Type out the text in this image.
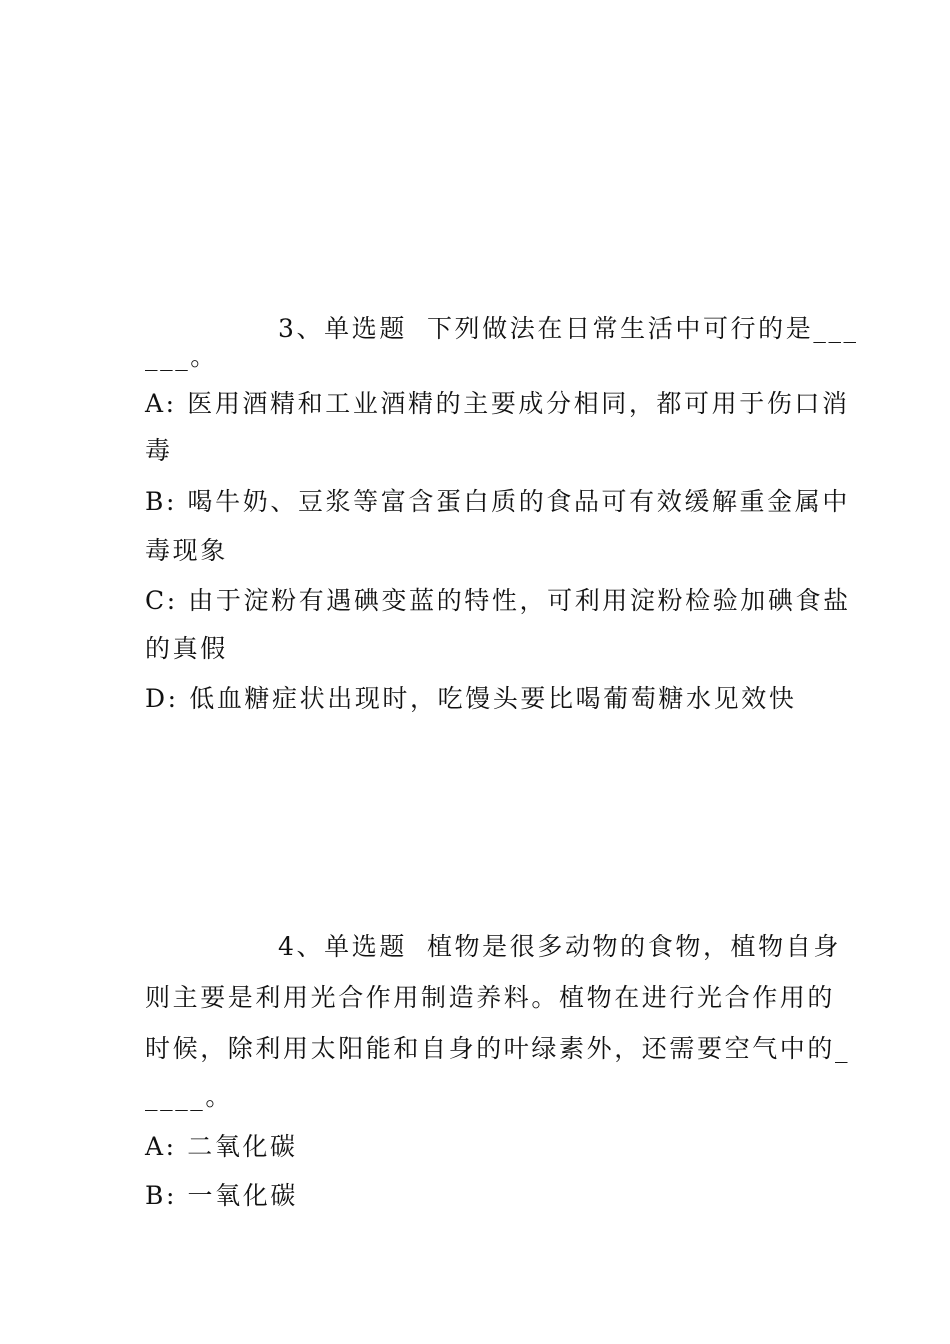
3、单选题 下列做法在日常生活中可行的是___
___。
A: 医用酒精和工业酒精的主要成分相同，都可用于伤口消
毒
B: 喝牛奶、豆浆等富含蛋白质的食品可有效缓解重金属中
毒现象
C: 由于淀粉有遇碘变蓝的特性，可利用淀粉检验加碘食盐
的真假
D: 低血糖症状出现时，吃馒头要比喝葡萄糖水见效快
4、单选题 植物是很多动物的食物，植物自身
则主要是利用光合作用制造养料。植物在进行光合作用的
时候，除利用太阳能和自身的叶绿素外，还需要空气中的_
____。
A: 二氧化碳
B: 一氧化碳
